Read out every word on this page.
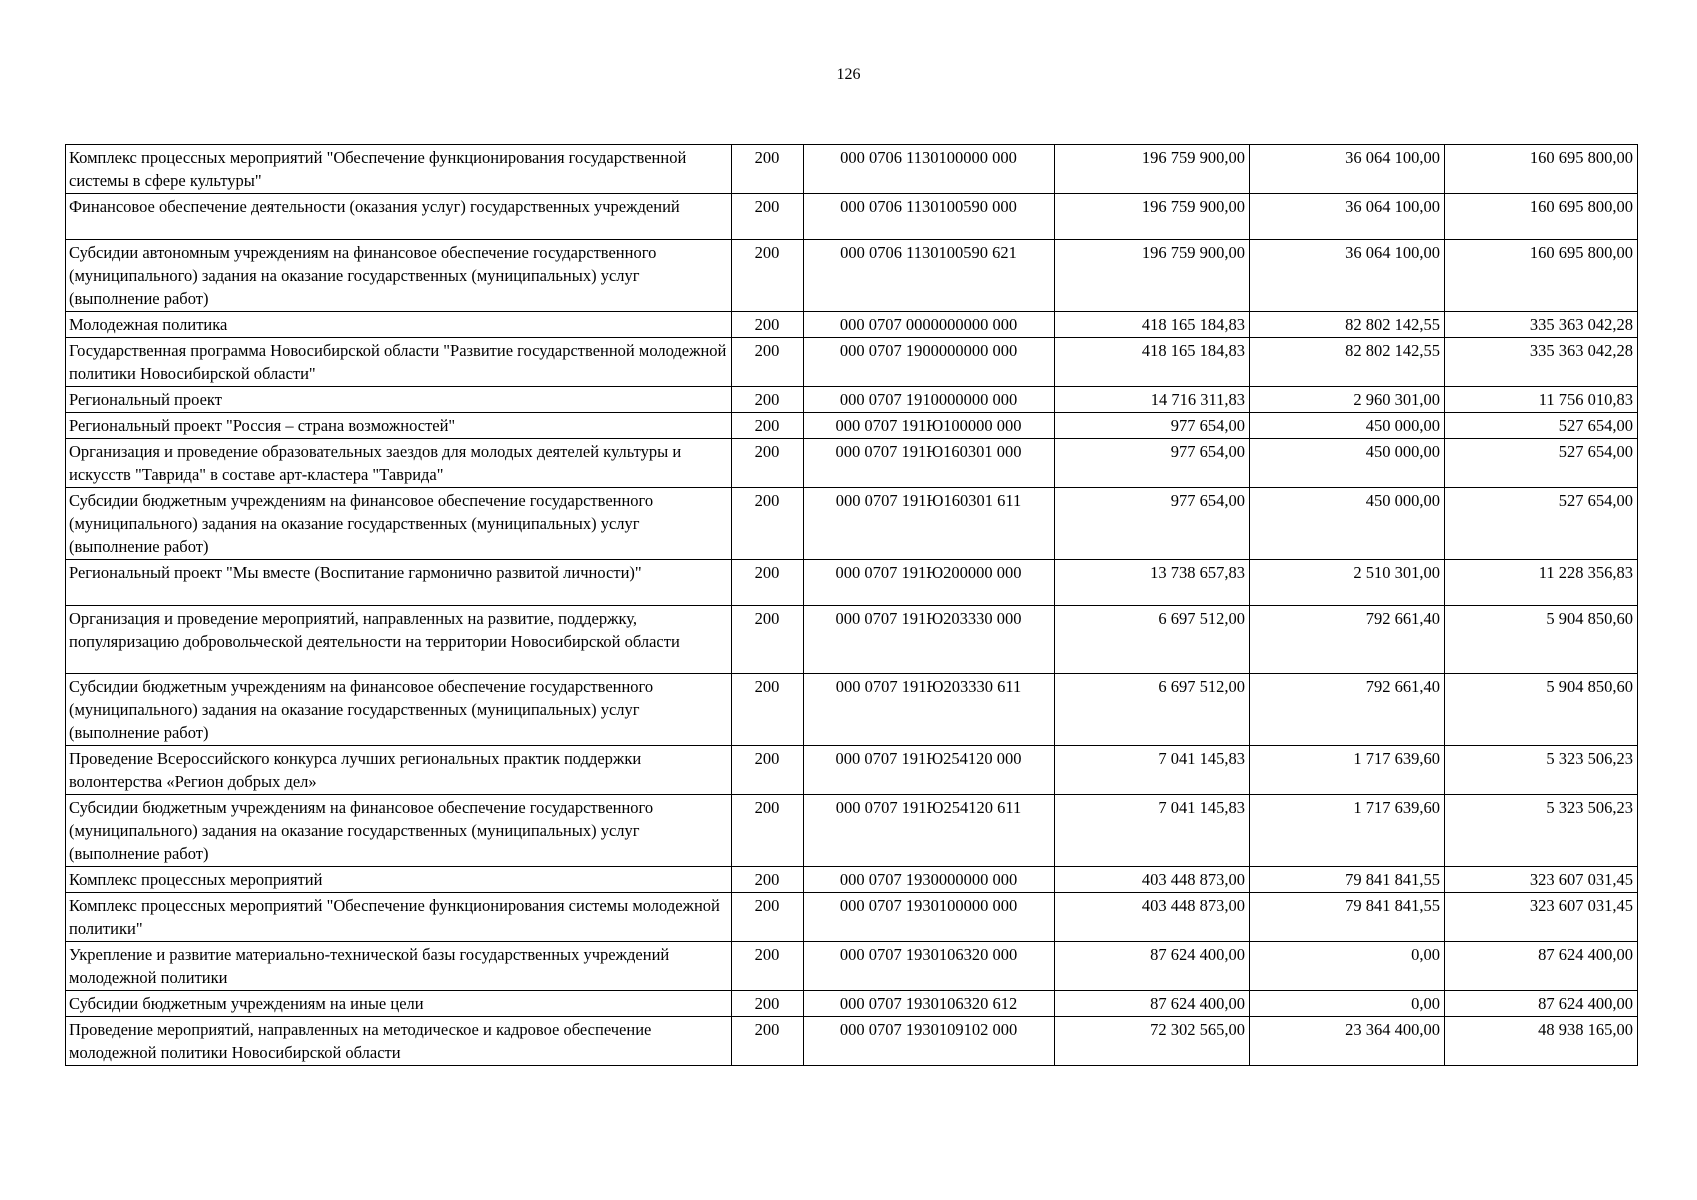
126
Комплекс процессных мероприятий "Обеспечение функционирования государственной системы в сфере культуры"	200	000 0706 1130100000 000	196 759 900,00	36 064 100,00	160 695 800,00
Финансовое обеспечение деятельности (оказания услуг) государственных учреждений	200	000 0706 1130100590 000	196 759 900,00	36 064 100,00	160 695 800,00
Субсидии автономным учреждениям на финансовое обеспечение государственного (муниципального) задания на оказание государственных (муниципальных) услуг (выполнение работ)	200	000 0706 1130100590 621	196 759 900,00	36 064 100,00	160 695 800,00
Молодежная политика	200	000 0707 0000000000 000	418 165 184,83	82 802 142,55	335 363 042,28
Государственная программа Новосибирской области "Развитие государственной молодежной политики Новосибирской области"	200	000 0707 1900000000 000	418 165 184,83	82 802 142,55	335 363 042,28
Региональный проект	200	000 0707 1910000000 000	14 716 311,83	2 960 301,00	11 756 010,83
Региональный проект "Россия – страна возможностей"	200	000 0707 191Ю100000 000	977 654,00	450 000,00	527 654,00
Организация и проведение образовательных заездов для молодых деятелей культуры и искусств "Таврида" в составе арт-кластера "Таврида"	200	000 0707 191Ю160301 000	977 654,00	450 000,00	527 654,00
Субсидии бюджетным учреждениям на финансовое обеспечение государственного (муниципального) задания на оказание государственных (муниципальных) услуг (выполнение работ)	200	000 0707 191Ю160301 611	977 654,00	450 000,00	527 654,00
Региональный проект "Мы вместе (Воспитание гармонично развитой личности)"	200	000 0707 191Ю200000 000	13 738 657,83	2 510 301,00	11 228 356,83
Организация и проведение мероприятий, направленных на развитие, поддержку, популяризацию добровольческой деятельности на территории Новосибирской области	200	000 0707 191Ю203330 000	6 697 512,00	792 661,40	5 904 850,60
Субсидии бюджетным учреждениям на финансовое обеспечение государственного (муниципального) задания на оказание государственных (муниципальных) услуг (выполнение работ)	200	000 0707 191Ю203330 611	6 697 512,00	792 661,40	5 904 850,60
Проведение Всероссийского конкурса лучших региональных практик поддержки волонтерства «Регион добрых дел»	200	000 0707 191Ю254120 000	7 041 145,83	1 717 639,60	5 323 506,23
Субсидии бюджетным учреждениям на финансовое обеспечение государственного (муниципального) задания на оказание государственных (муниципальных) услуг (выполнение работ)	200	000 0707 191Ю254120 611	7 041 145,83	1 717 639,60	5 323 506,23
Комплекс процессных мероприятий	200	000 0707 1930000000 000	403 448 873,00	79 841 841,55	323 607 031,45
Комплекс процессных мероприятий "Обеспечение функционирования системы молодежной политики"	200	000 0707 1930100000 000	403 448 873,00	79 841 841,55	323 607 031,45
Укрепление и развитие материально-технической базы государственных учреждений молодежной политики	200	000 0707 1930106320 000	87 624 400,00	0,00	87 624 400,00
Субсидии бюджетным учреждениям на иные цели	200	000 0707 1930106320 612	87 624 400,00	0,00	87 624 400,00
Проведение мероприятий, направленных на методическое и кадровое обеспечение молодежной политики Новосибирской области	200	000 0707 1930109102 000	72 302 565,00	23 364 400,00	48 938 165,00
